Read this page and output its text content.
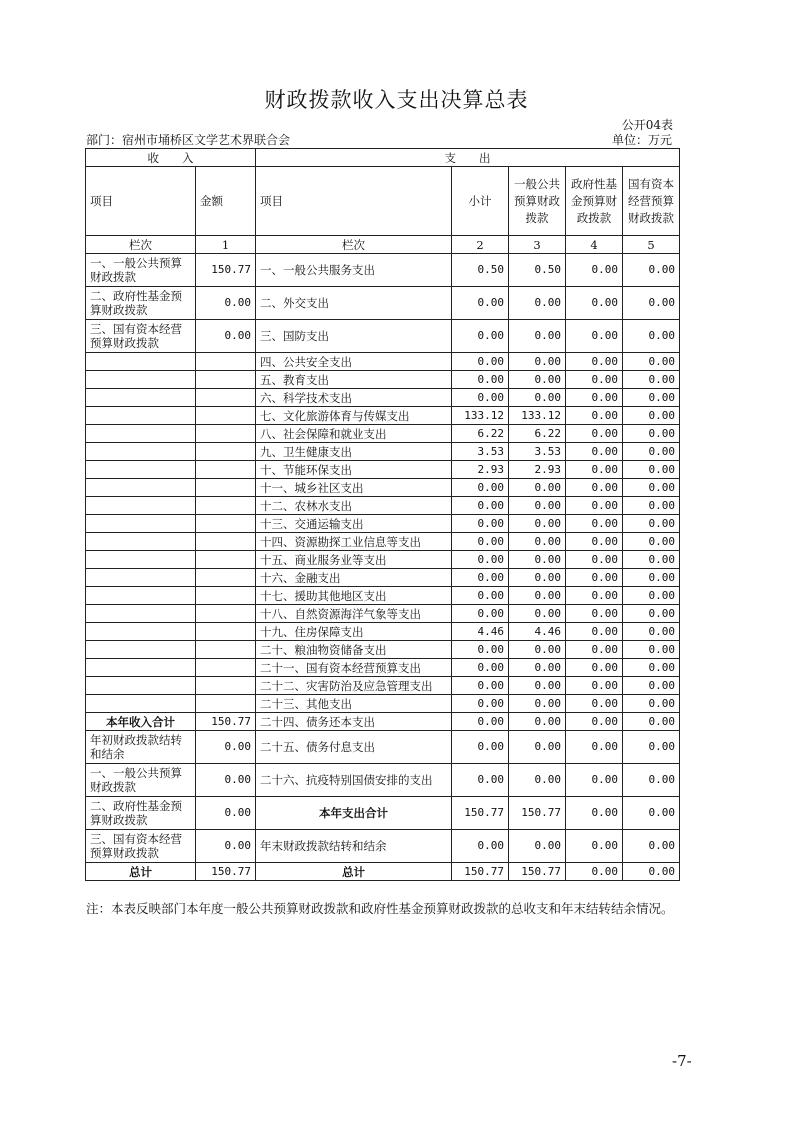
财政拨款收入支出决算总表
公开04表
部门：宿州市埇桥区文学艺术界联合会	单位：万元
收　　入		支　　出				
项目	金额	项目	小计	一般公共预算财政拨款	政府性基金预算财政拨款	国有资本经营预算财政拨款
栏次	1	栏次	2	3	4	5
一、一般公共预算财政拨款	150.77	一、一般公共服务支出	0.50	0.50	0.00	0.00
二、政府性基金预算财政拨款	0.00	二、外交支出	0.00	0.00	0.00	0.00
三、国有资本经营预算财政拨款	0.00	三、国防支出	0.00	0.00	0.00	0.00
		四、公共安全支出	0.00	0.00	0.00	0.00
		五、教育支出	0.00	0.00	0.00	0.00
		六、科学技术支出	0.00	0.00	0.00	0.00
		七、文化旅游体育与传媒支出	133.12	133.12	0.00	0.00
		八、社会保障和就业支出	6.22	6.22	0.00	0.00
		九、卫生健康支出	3.53	3.53	0.00	0.00
		十、节能环保支出	2.93	2.93	0.00	0.00
		十一、城乡社区支出	0.00	0.00	0.00	0.00
		十二、农林水支出	0.00	0.00	0.00	0.00
		十三、交通运输支出	0.00	0.00	0.00	0.00
		十四、资源勘探工业信息等支出	0.00	0.00	0.00	0.00
		十五、商业服务业等支出	0.00	0.00	0.00	0.00
		十六、金融支出	0.00	0.00	0.00	0.00
		十七、援助其他地区支出	0.00	0.00	0.00	0.00
		十八、自然资源海洋气象等支出	0.00	0.00	0.00	0.00
		十九、住房保障支出	4.46	4.46	0.00	0.00
		二十、粮油物资储备支出	0.00	0.00	0.00	0.00
		二十一、国有资本经营预算支出	0.00	0.00	0.00	0.00
		二十二、灾害防治及应急管理支出	0.00	0.00	0.00	0.00
		二十三、其他支出	0.00	0.00	0.00	0.00
本年收入合计	150.77	二十四、债务还本支出	0.00	0.00	0.00	0.00
年初财政拨款结转和结余	0.00	二十五、债务付息支出	0.00	0.00	0.00	0.00
一、一般公共预算财政拨款	0.00	二十六、抗疫特别国债安排的支出	0.00	0.00	0.00	0.00
二、政府性基金预算财政拨款	0.00	本年支出合计	150.77	150.77	0.00	0.00
三、国有资本经营预算财政拨款	0.00	年末财政拨款结转和结余	0.00	0.00	0.00	0.00
总计	150.77	总计	150.77	150.77	0.00	0.00
注：本表反映部门本年度一般公共预算财政拨款和政府性基金预算财政拨款的总收支和年末结转结余情况。
-7-
